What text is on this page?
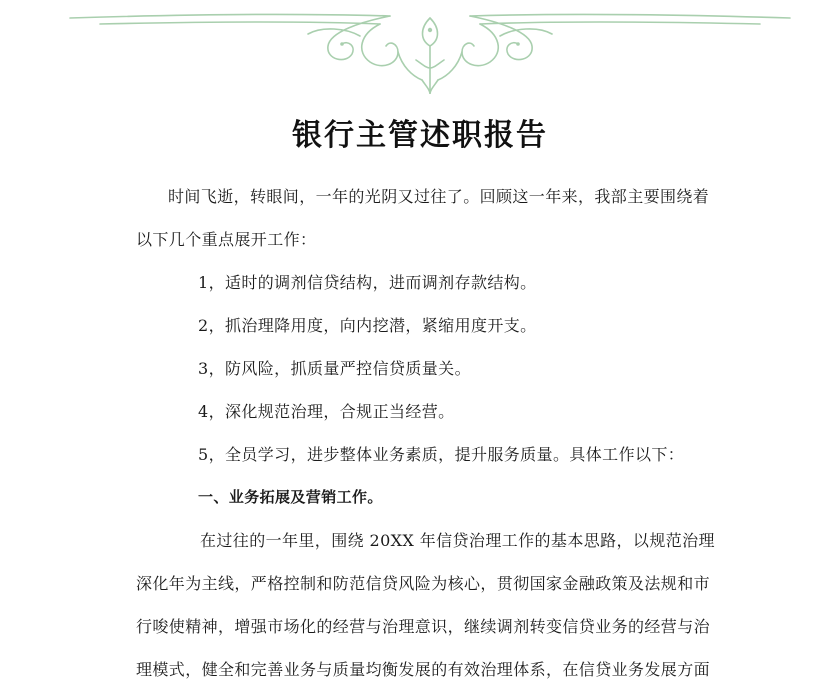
银行主管述职报告

时间飞逝，转眼间，一年的光阴又过往了。回顾这一年来，我部主要围绕着以下几个重点展开工作：

1，适时的调剂信贷结构，进而调剂存款结构。

2，抓治理降用度，向内挖潜，紧缩用度开支。

3，防风险，抓质量严控信贷质量关。

4，深化规范治理，合规正当经营。

5，全员学习，进步整体业务素质，提升服务质量。具体工作以下：

一、业务拓展及营销工作。

在过往的一年里，围绕 20XX 年信贷治理工作的基本思路，以规范治理深化年为主线，严格控制和防范信贷风险为核心，贯彻国家金融政策及法规和市行唆使精神，增强市场化的经营与治理意识，继续调剂转变信贷业务的经营与治理模式，健全和完善业务与质量均衡发展的有效治理体系，在信贷业务发展方面
